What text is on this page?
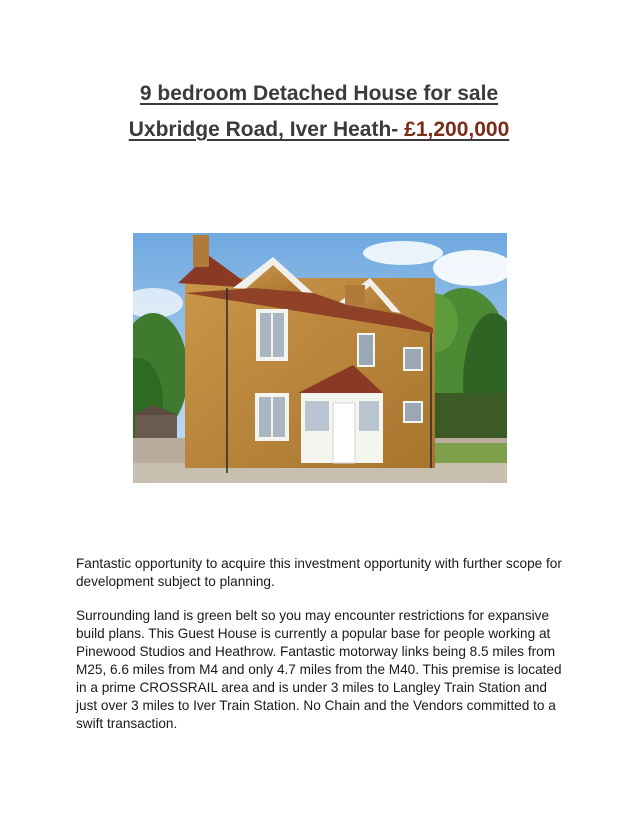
9 bedroom Detached House for sale
Uxbridge Road, Iver Heath- £1,200,000

Fantastic opportunity to acquire this investment opportunity with further scope for development subject to planning.

Surrounding land is green belt so you may encounter restrictions for expansive build plans. This Guest House is currently a popular base for people working at Pinewood Studios and Heathrow. Fantastic motorway links being 8.5 miles from M25, 6.6 miles from M4 and only 4.7 miles from the M40. This premise is located in a prime CROSSRAIL area and is under 3 miles to Langley Train Station and just over 3 miles to Iver Train Station. No Chain and the Vendors committed to a swift transaction.
